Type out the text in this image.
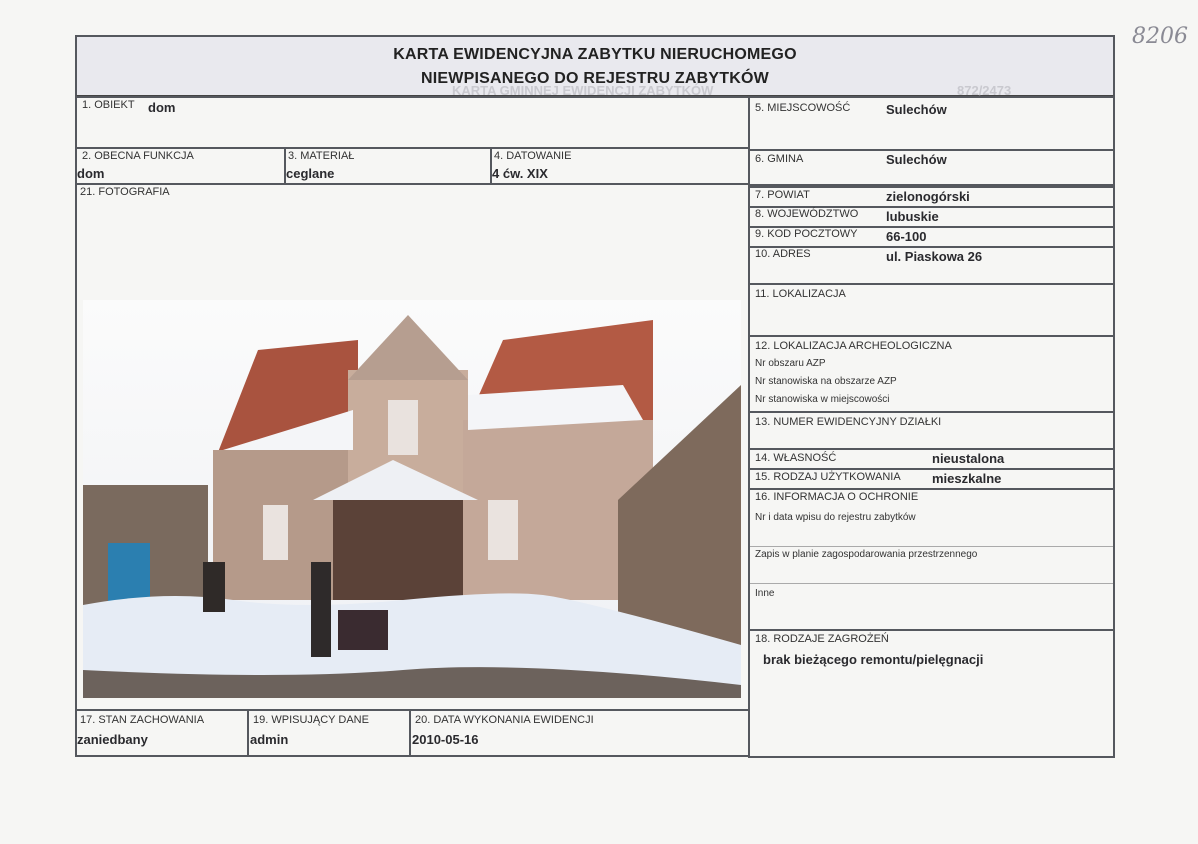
8206
KARTA EWIDENCYJNA ZABYTKU NIERUCHOMEGO
NIEWPISANEGO DO REJESTRU ZABYTKÓW
KARTA GMINNEJ EWIDENCJI ZABYTKÓW	872/2473
1. OBIEKT dom
2. OBECNA FUNKCJA
dom
3. MATERIAŁ
ceglane
4. DATOWANIE
4 ćw. XIX
21. FOTOGRAFIA
17. STAN ZACHOWANIA
zaniedbany
19. WPISUJĄCY DANE
admin
20. DATA WYKONANIA EWIDENCJI
2010-05-16
5. MIEJSCOWOŚĆ	Sulechów
6. GMINA	Sulechów
7. POWIAT	zielonogórski
8. WOJEWÓDZTWO lubuskie
9. KOD POCZTOWY 66-100
10. ADRES	ul. Piaskowa 26
11. LOKALIZACJA
12. LOKALIZACJA ARCHEOLOGICZNA
Nr obszaru AZP
Nr stanowiska na obszarze AZP
Nr stanowiska w miejscowości
13. NUMER EWIDENCYJNY DZIAŁKI
14. WŁASNOŚĆ	nieustalona
15. RODZAJ UŻYTKOWANIA mieszkalne
16. INFORMACJA O OCHRONIE
Nr i data wpisu do rejestru zabytków
Zapis w planie zagospodarowania przestrzennego
Inne
18. RODZAJE ZAGROŻEŃ
brak bieżącego remontu/pielęgnacji
